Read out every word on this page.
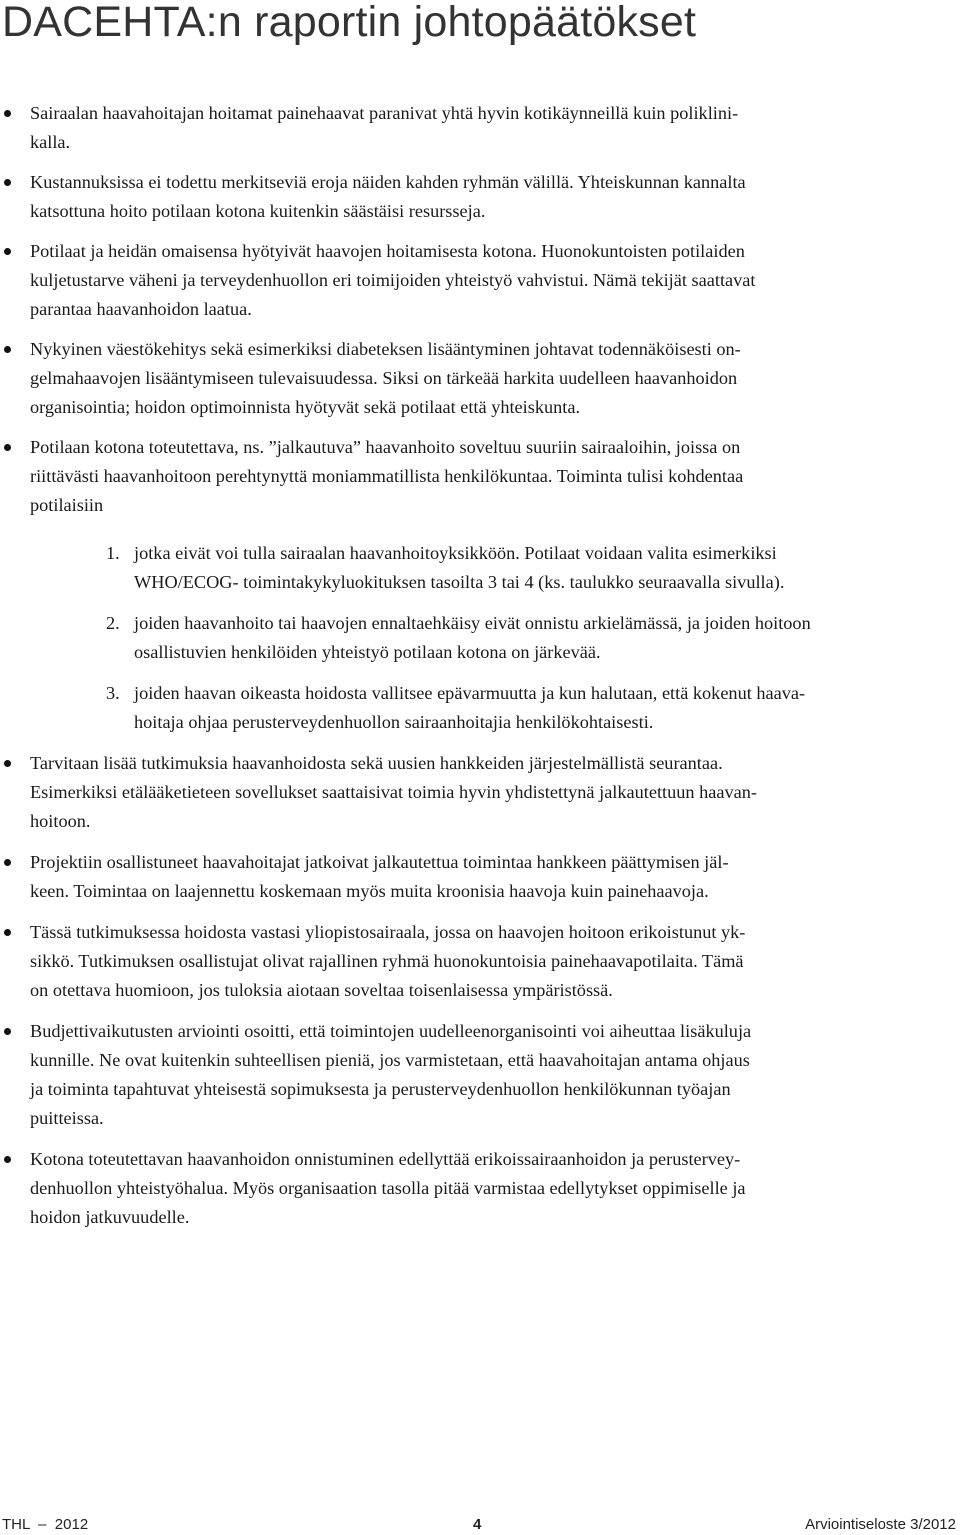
DACEHTA:n raportin johtopäätökset
Sairaalan haavahoitajan hoitamat painehaavat paranivat yhtä hyvin kotikäynneillä kuin poliklini-
kalla.
Kustannuksissa ei todettu merkitseviä eroja näiden kahden ryhmän välillä. Yhteiskunnan kannalta
katsottuna hoito potilaan kotona kuitenkin säästäisi resursseja.
Potilaat ja heidän omaisensa hyötyivät haavojen hoitamisesta kotona. Huonokuntoisten potilaiden
kuljetustarve väheni ja terveydenhuollon eri toimijoiden yhteistyö vahvistui. Nämä tekijät saattavat
parantaa haavanhoidon laatua.
Nykyinen väestökehitys sekä esimerkiksi diabeteksen lisääntyminen johtavat todennäköisesti on-
gelmahaavojen lisääntymiseen tulevaisuudessa. Siksi on tärkeää harkita uudelleen haavanhoidon
organisointia; hoidon optimoinnista hyötyvät sekä potilaat että yhteiskunta.
Potilaan kotona toteutettava, ns. ”jalkautuva” haavanhoito soveltuu suuriin sairaaloihin, joissa on
riittävästi haavanhoitoon perehtynyttä moniammatillista henkilökuntaa. Toiminta tulisi kohdentaa
potilaisiin
1. jotka eivät voi tulla sairaalan haavanhoitoyksikköön. Potilaat voidaan valita esimerkiksi
WHO/ECOG- toimintakykyluokituksen tasoilta 3 tai 4 (ks. taulukko seuraavalla sivulla).
2. joiden haavanhoito tai haavojen ennaltaehkäisy eivät onnistu arkielämässä, ja joiden hoitoon
osallistuvien henkilöiden yhteistyö potilaan kotona on järkevää.
3. joiden haavan oikeasta hoidosta vallitsee epävarmuutta ja kun halutaan, että kokenut haava-
hoitaja ohjaa perusterveydenhuollon sairaanhoitajia henkilökohtaisesti.
Tarvitaan lisää tutkimuksia haavanhoidosta sekä uusien hankkeiden järjestelmällistä seurantaa.
Esimerkiksi etälääketieteen sovellukset saattaisivat toimia hyvin yhdistettynä jalkautettuun haavan-
hoitoon.
Projektiin osallistuneet haavahoitajat jatkoivat jalkautettua toimintaa hankkeen päättymisen jäl-
keen. Toimintaa on laajennettu koskemaan myös muita kroonisia haavoja kuin painehaavoja.
Tässä tutkimuksessa hoidosta vastasi yliopistosairaala, jossa on haavojen hoitoon erikoistunut yk-
sikkö. Tutkimuksen osallistujat olivat rajallinen ryhmä huonokuntoisia painehaavapotilaita. Tämä
on otettava huomioon, jos tuloksia aiotaan soveltaa toisenlaisessa ympäristössä.
Budjettivaikutusten arviointi osoitti, että toimintojen uudelleenorganisointi voi aiheuttaa lisäkuluja
kunnille. Ne ovat kuitenkin suhteellisen pieniä, jos varmistetaan, että haavahoitajan antama ohjaus
ja toiminta tapahtuvat yhteisestä sopimuksesta ja perusterveydenhuollon henkilökunnan työajan
puitteissa.
Kotona toteutettavan haavanhoidon onnistuminen edellyttää erikoissairaanhoidon ja perustervey-
denhuollon yhteistyöhalua. Myös organisaation tasolla pitää varmistaa edellytykset oppimiselle ja
hoidon jatkuvuudelle.
THL  –  2012	4	Arviointiseloste 3/2012
